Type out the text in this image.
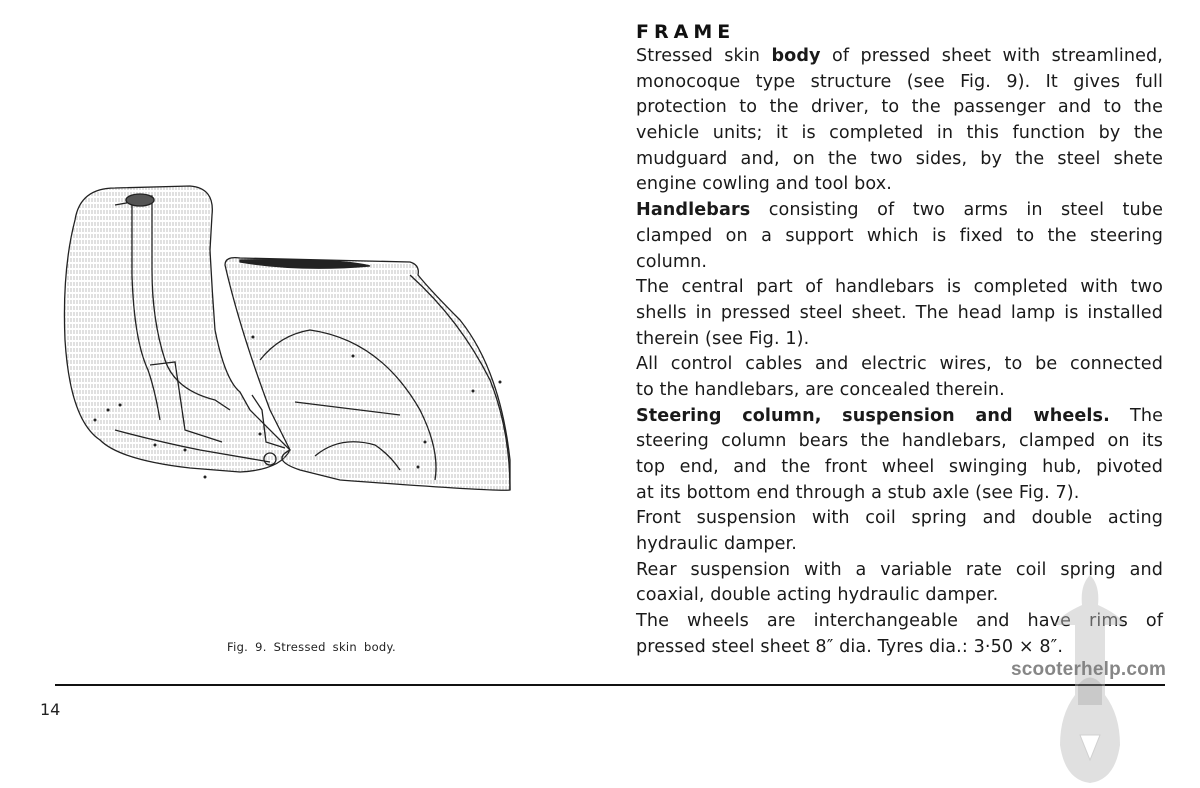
Fig. 9. Stressed skin body.
FRAME
Stressed skin body of pressed sheet with streamlined,
monocoque type structure (see Fig. 9). It gives full
protection to the driver, to the passenger and to the
vehicle units; it is completed in this function by the
mudguard and, on the two sides, by the steel shete
engine cowling and tool box.
Handlebars consisting of two arms in steel tube
clamped on a support which is fixed to the steering
column.
The central part of handlebars is completed with two
shells in pressed steel sheet. The head lamp is installed
therein (see Fig. 1).
All control cables and electric wires, to be connected
to the handlebars, are concealed therein.
Steering column, suspension and wheels. The
steering column bears the handlebars, clamped on its
top end, and the front wheel swinging hub, pivoted
at its bottom end through a stub axle (see Fig. 7).
Front suspension with coil spring and double acting
hydraulic damper.
Rear suspension with a variable rate coil spring and
coaxial, double acting hydraulic damper.
The wheels are interchangeable and have rims of
pressed steel sheet 8″ dia. Tyres dia.: 3·50 × 8″.
14
scooterhelp.com
